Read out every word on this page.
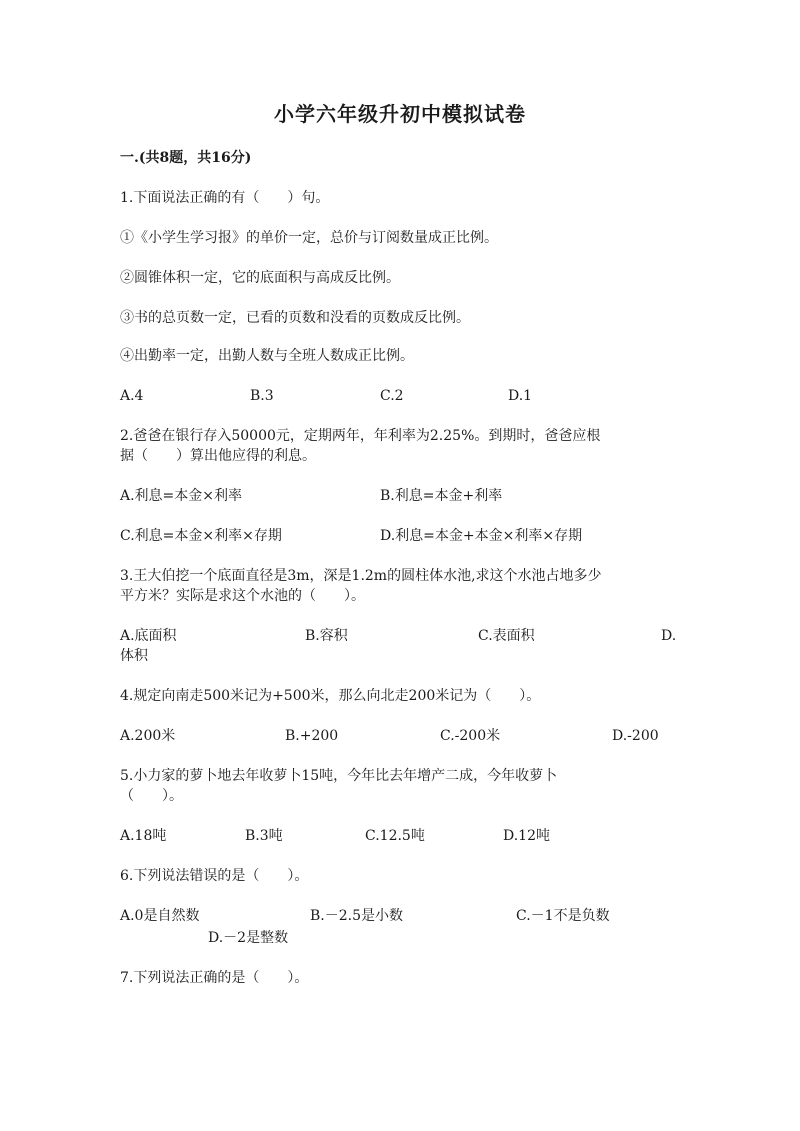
小学六年级升初中模拟试卷

一.(共8题，共16分)

1.下面说法正确的有（　　）句。

①《小学生学习报》的单价一定，总价与订阅数量成正比例。

②圆锥体积一定，它的底面积与高成反比例。

③书的总页数一定，已看的页数和没看的页数成反比例。

④出勤率一定，出勤人数与全班人数成正比例。

A.4	B.3	C.2	D.1

2.爸爸在银行存入50000元，定期两年，年利率为2.25%。到期时，爸爸应根

据（　　）算出他应得的利息。

A.利息=本金×利率	B.利息=本金+利率
C.利息=本金×利率×存期	D.利息=本金+本金×利率×存期

3.王大伯挖一个底面直径是3m，深是1.2m的圆柱体水池,求这个水池占地多少

平方米？实际是求这个水池的（　　）。

A.底面积	B.容积	C.表面积	D.
体积

4.规定向南走500米记为+500米，那么向北走200米记为（　　）。

A.200米	B.+200	C.-200米	D.-200

5.小力家的萝卜地去年收萝卜15吨，今年比去年增产二成，今年收萝卜

（　　）。

A.18吨	B.3吨	C.12.5吨	D.12吨

6.下列说法错误的是（　　）。

A.0是自然数	B.－2.5是小数	C.－1不是负数
D.－2是整数

7.下列说法正确的是（　　）。
